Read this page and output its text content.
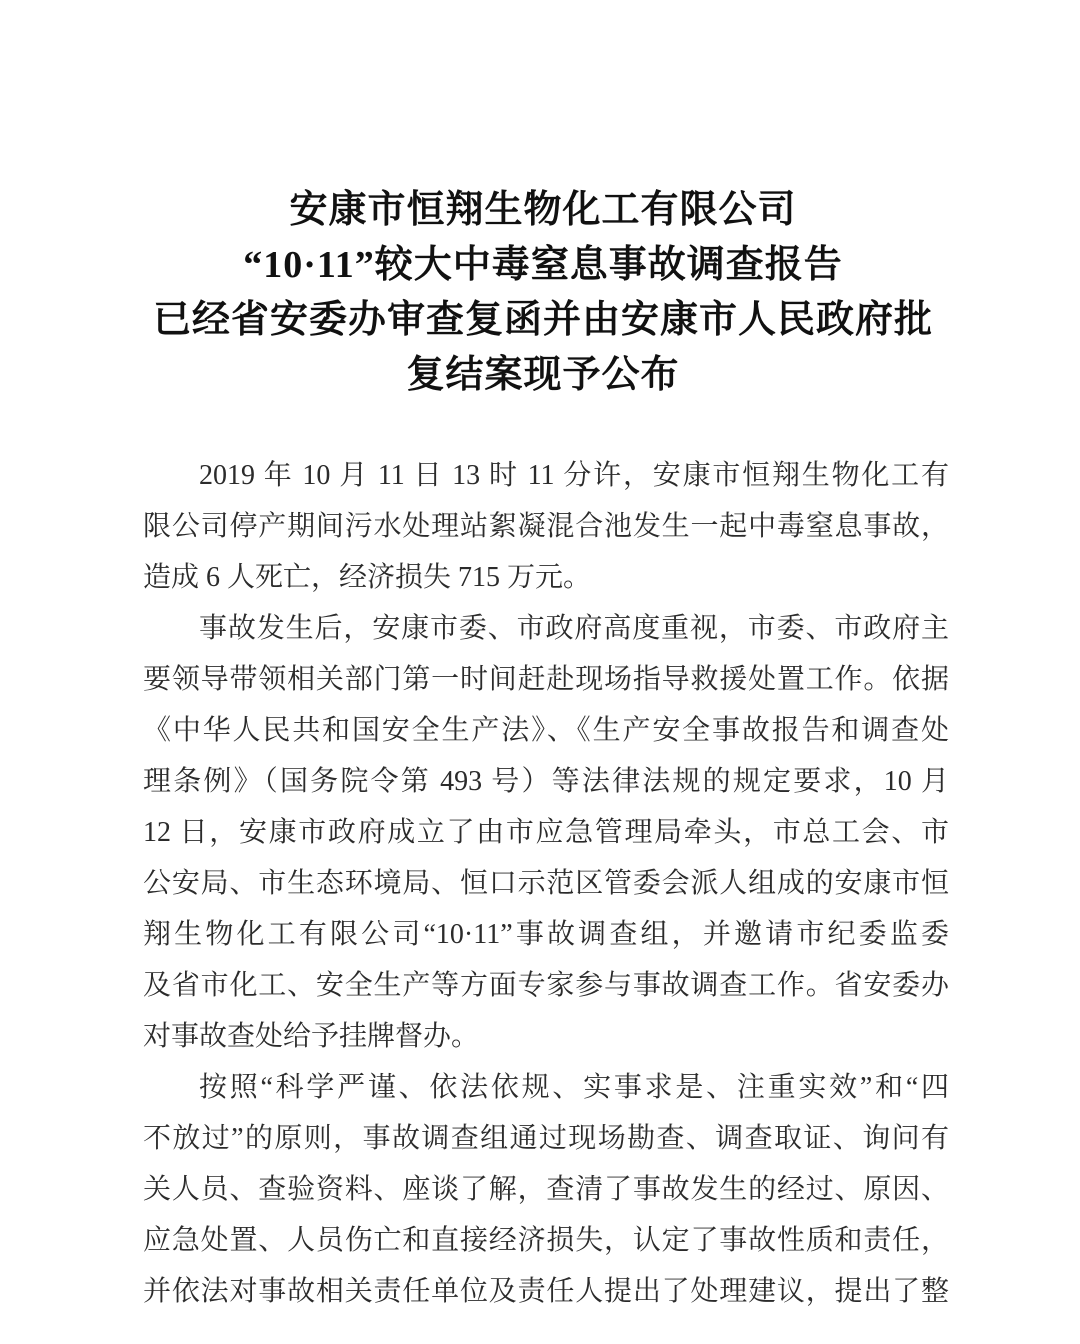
安康市恒翔生物化工有限公司
“10·11”较大中毒窒息事故调查报告
已经省安委办审查复函并由安康市人民政府批
复结案现予公布

2019 年 10 月 11 日 13 时 11 分许，安康市恒翔生物化工有
限公司停产期间污水处理站絮凝混合池发生一起中毒窒息事故，
造成 6 人死亡，经济损失 715 万元。

事故发生后，安康市委、市政府高度重视，市委、市政府主
要领导带领相关部门第一时间赶赴现场指导救援处置工作。依据
《中华人民共和国安全生产法》、《生产安全事故报告和调查处
理条例》（国务院令第 493 号）等法律法规的规定要求，10 月
12 日，安康市政府成立了由市应急管理局牵头，市总工会、市
公安局、市生态环境局、恒口示范区管委会派人组成的安康市恒
翔生物化工有限公司“10·11”事故调查组，并邀请市纪委监委
及省市化工、安全生产等方面专家参与事故调查工作。省安委办
对事故查处给予挂牌督办。

按照“科学严谨、依法依规、实事求是、注重实效”和“四
不放过”的原则，事故调查组通过现场勘查、调查取证、询问有
关人员、查验资料、座谈了解，查清了事故发生的经过、原因、
应急处置、人员伤亡和直接经济损失，认定了事故性质和责任，
并依法对事故相关责任单位及责任人提出了处理建议，提出了整
